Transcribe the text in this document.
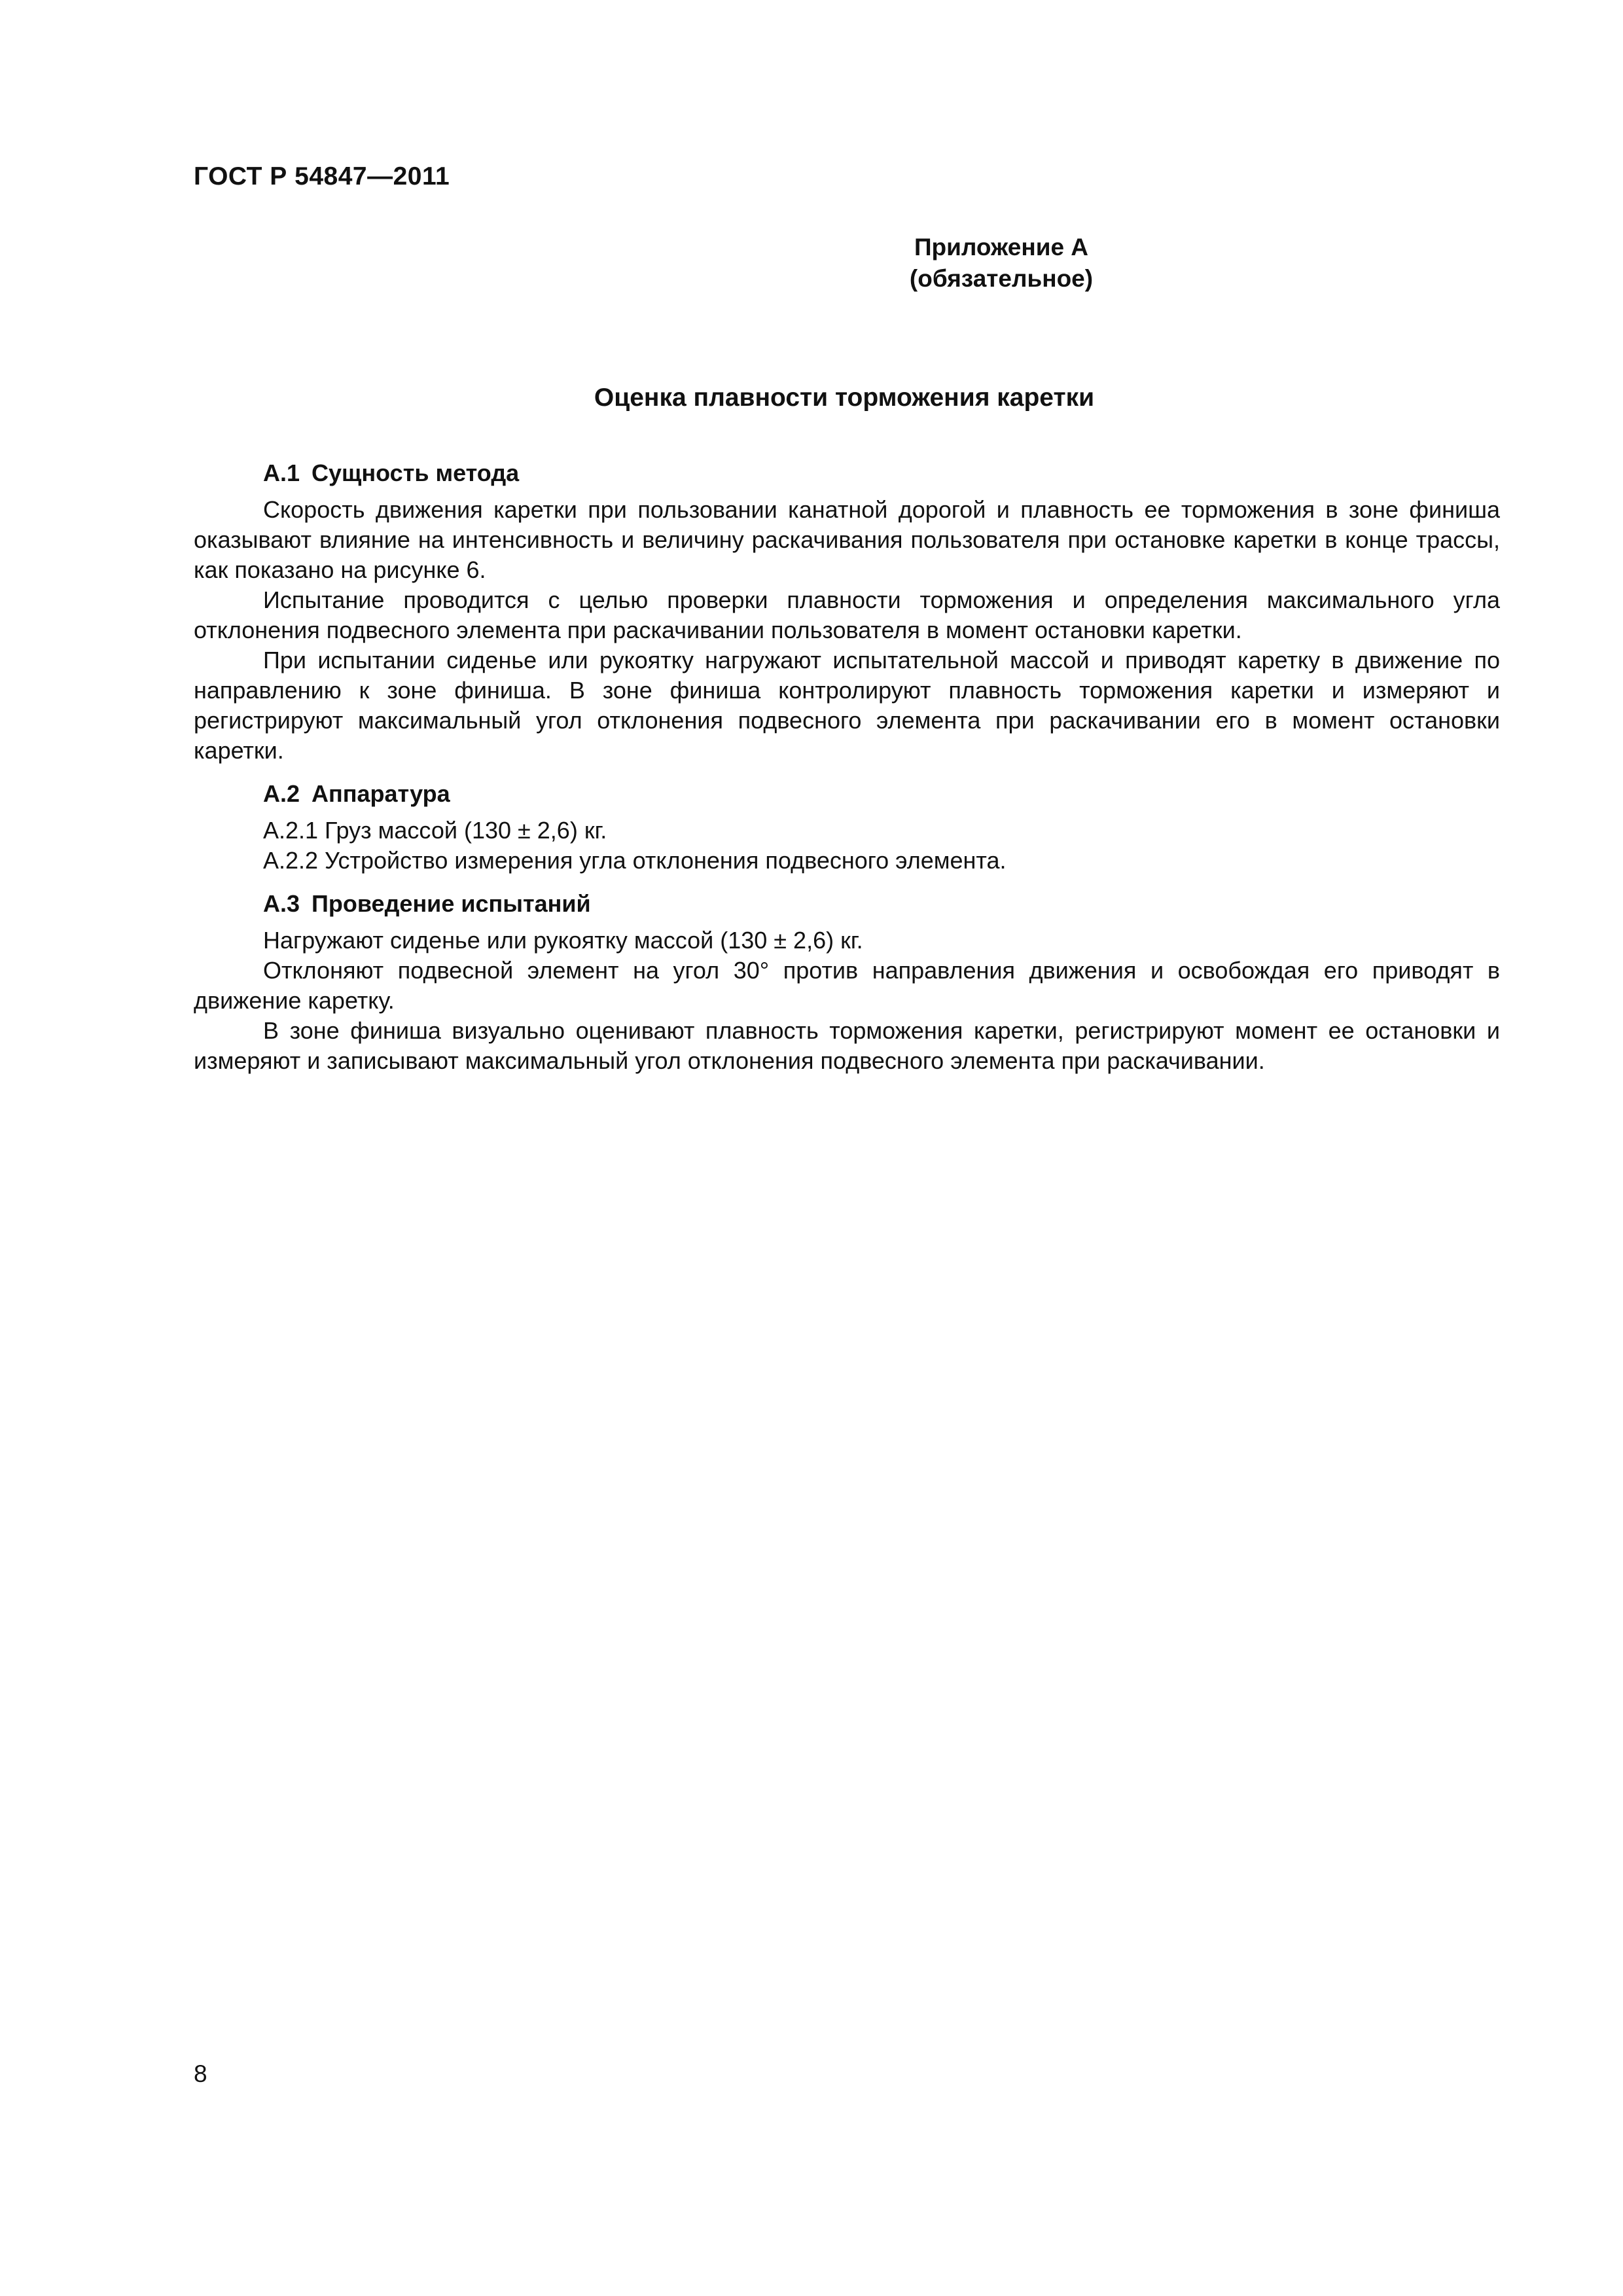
ГОСТ Р 54847—2011
Приложение А
(обязательное)
Оценка плавности торможения каретки
А.1 Сущность метода

Скорость движения каретки при пользовании канатной дорогой и плавность ее торможения в зоне финиша оказывают влияние на интенсивность и величину раскачивания пользователя при остановке каретки в конце трассы, как показано на рисунке 6.

Испытание проводится с целью проверки плавности торможения и определения максимального угла отклонения подвесного элемента при раскачивании пользователя в момент остановки каретки.

При испытании сиденье или рукоятку нагружают испытательной массой и приводят каретку в движение по направлению к зоне финиша. В зоне финиша контролируют плавность торможения каретки и измеряют и регистрируют максимальный угол отклонения подвесного элемента при раскачивании его в момент остановки каретки.

А.2 Аппаратура

А.2.1 Груз массой (130 ± 2,6) кг.

А.2.2 Устройство измерения угла отклонения подвесного элемента.

А.3 Проведение испытаний

Нагружают сиденье или рукоятку массой (130 ± 2,6) кг.

Отклоняют подвесной элемент на угол 30° против направления движения и освобождая его приводят в движение каретку.

В зоне финиша визуально оценивают плавность торможения каретки, регистрируют момент ее остановки и измеряют и записывают максимальный угол отклонения подвесного элемента при раскачивании.

8
